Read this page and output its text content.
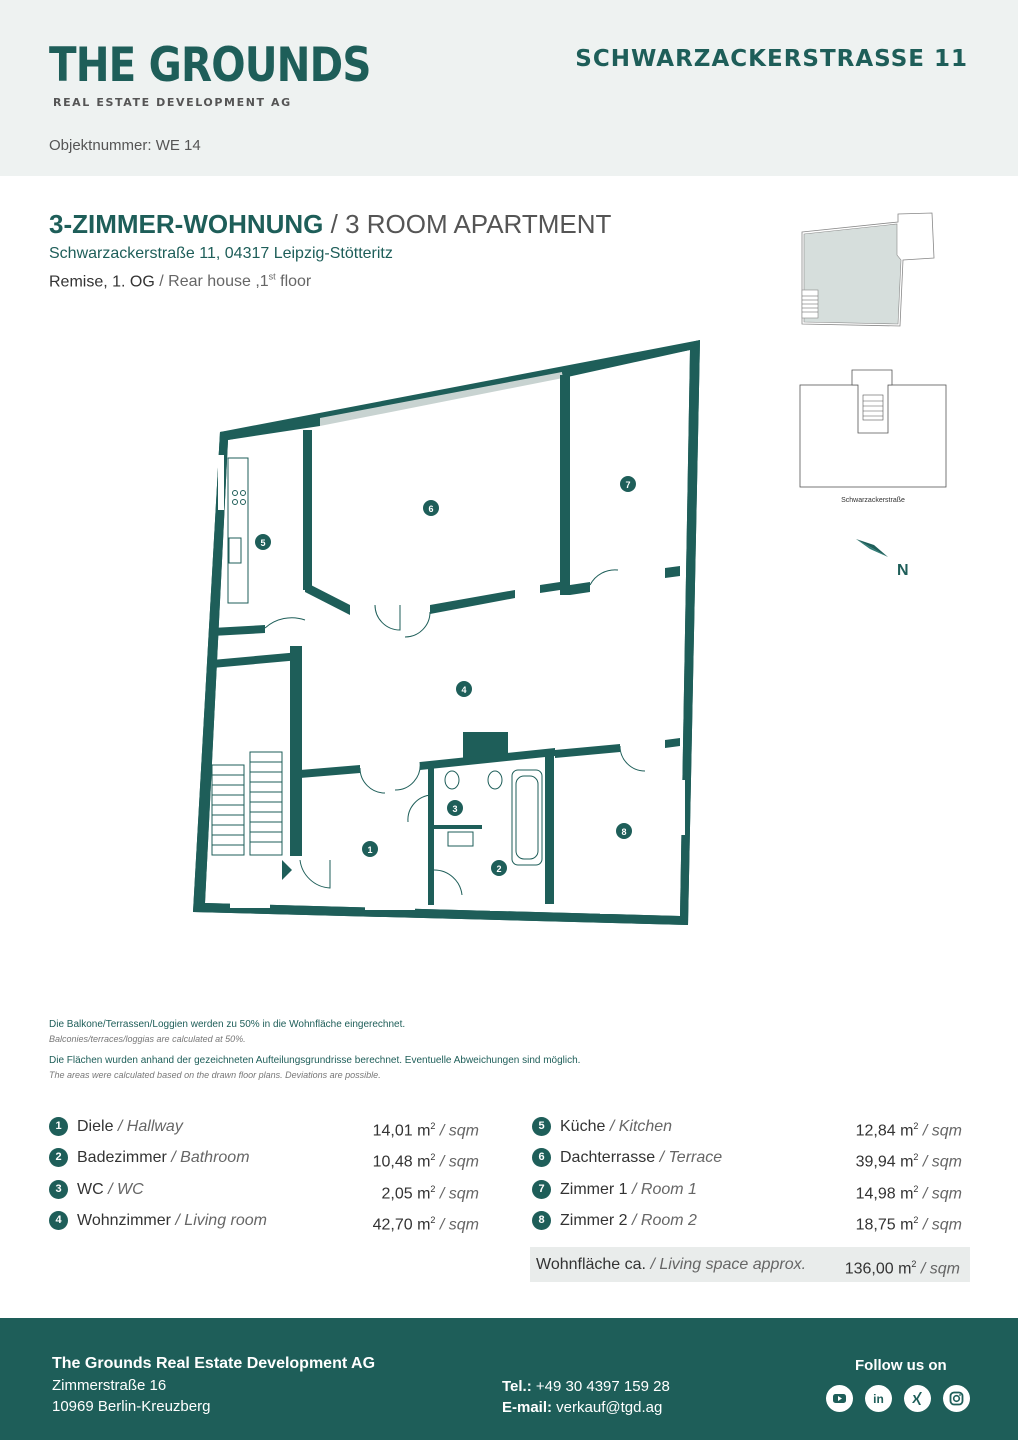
THE GROUNDS
REAL ESTATE DEVELOPMENT AG
SCHWARZACKERSTRASSE 11
Objektnummer: WE 14
3-ZIMMER-WOHNUNG / 3 ROOM APARTMENT
Schwarzackerstraße 11, 04317 Leipzig-Stötteritz
Remise, 1. OG / Rear house ,1st floor
1
2
3
4
5
6
7
8
Schwarzackerstraße
N
Die Balkone/Terrassen/Loggien werden zu 50% in die Wohnfläche eingerechnet.
Balconies/terraces/loggias are calculated at 50%.
Die Flächen wurden anhand der gezeichneten Aufteilungsgrundrisse berechnet. Eventuelle Abweichungen sind möglich.
The areas were calculated based on the drawn floor plans. Deviations are possible.
1 Diele / Hallway	14,01 $m^2$ / sqm
2 Badezimmer / Bathroom	10,48 $m^2$ / sqm
3 WC / WC	2,05 $m^2$ / sqm
4 Wohnzimmer / Living room	42,70 $m^2$ / sqm
5 Küche / Kitchen	12,84 $m^2$ / sqm
6 Dachterrasse / Terrace	39,94 $m^2$ / sqm
7 Zimmer 1 / Room 1	14,98 $m^2$ / sqm
8 Zimmer 2 / Room 2	18,75 $m^2$ / sqm
Wohnfläche ca. / Living space approx. 136,00 $m^2$ / sqm
The Grounds Real Estate Development AG
Zimmerstraße 16
10969 Berlin-Kreuzberg
Tel.: +49 30 4397 159 28
E-mail: verkauf@tgd.ag
Follow us on
in
